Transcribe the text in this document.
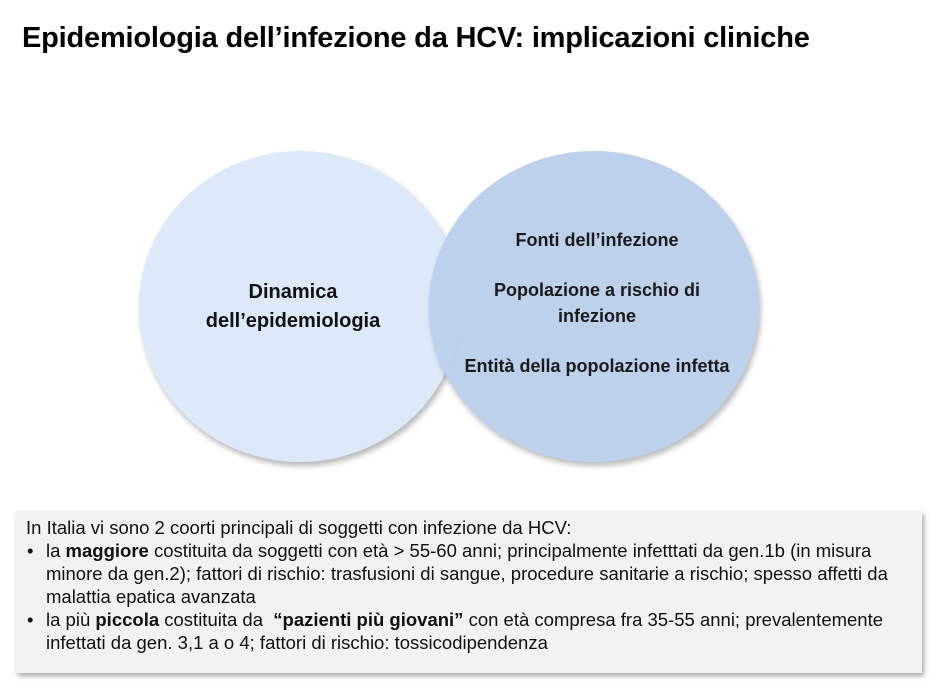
Epidemiologia dell’infezione da HCV: implicazioni cliniche
Dinamica
dell’epidemiologia
Fonti dell’infezione
Popolazione a rischio di infezione
Entità della popolazione infetta

In Italia vi sono 2 coorti principali di soggetti con infezione da HCV:

• la maggiore costituita da soggetti con età > 55-60 anni; principalmente infetttati da gen.1b (in misura minore da gen.2); fattori di rischio: trasfusioni di sangue, procedure sanitarie a rischio; spesso affetti da malattia epatica avanzata
• la più piccola costituita da  “pazienti più giovani” con età compresa fra 35-55 anni; prevalentemente infettati da gen. 3,1 a o 4; fattori di rischio: tossicodipendenza
